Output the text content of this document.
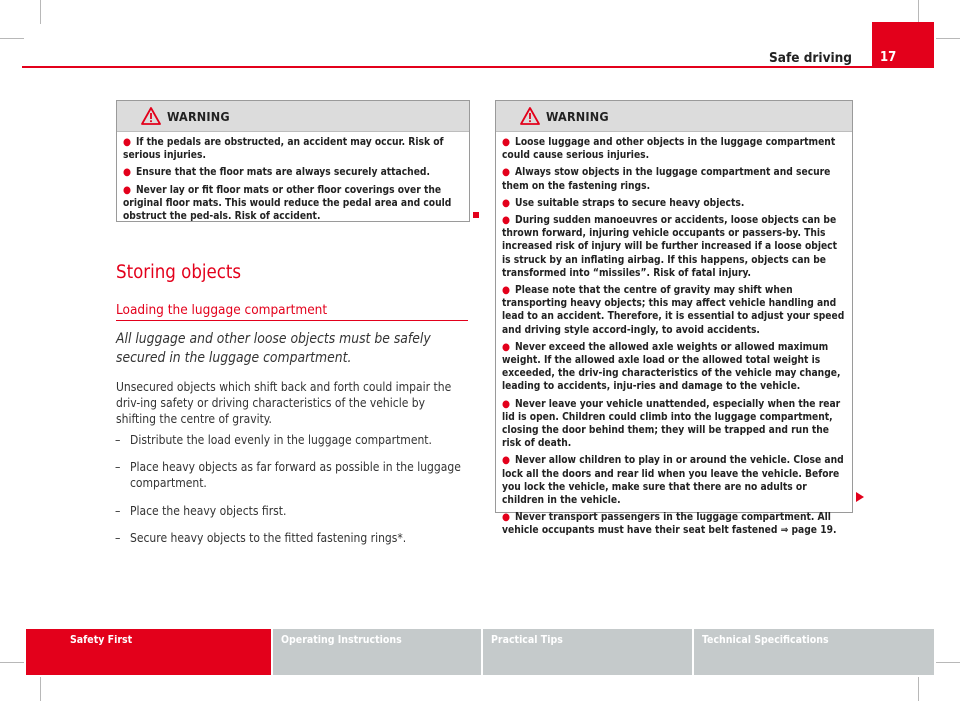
Safe driving 17
WARNING

● If the pedals are obstructed, an accident may occur. Risk of serious injuries.

● Ensure that the floor mats are always securely attached.

● Never lay or fit floor mats or other floor coverings over the original floor mats. This would reduce the pedal area and could obstruct the ped-als. Risk of accident.

Storing objects
Loading the luggage compartment
All luggage and other loose objects must be safely secured in the luggage compartment.
Unsecured objects which shift back and forth could impair the driv-ing safety or driving characteristics of the vehicle by shifting the centre of gravity.
– Distribute the load evenly in the luggage compartment.
– Place heavy objects as far forward as possible in the luggage compartment.
– Place the heavy objects first.
– Secure heavy objects to the fitted fastening rings*.
WARNING

● Loose luggage and other objects in the luggage compartment could cause serious injuries.

● Always stow objects in the luggage compartment and secure them on the fastening rings.

● Use suitable straps to secure heavy objects.

● During sudden manoeuvres or accidents, loose objects can be thrown forward, injuring vehicle occupants or passers-by. This increased risk of injury will be further increased if a loose object is struck by an inflating airbag. If this happens, objects can be transformed into “missiles”. Risk of fatal injury.

● Please note that the centre of gravity may shift when transporting heavy objects; this may affect vehicle handling and lead to an accident. Therefore, it is essential to adjust your speed and driving style accord-ingly, to avoid accidents.

● Never exceed the allowed axle weights or allowed maximum weight. If the allowed axle load or the allowed total weight is exceeded, the driv-ing characteristics of the vehicle may change, leading to accidents, inju-ries and damage to the vehicle.

● Never leave your vehicle unattended, especially when the rear lid is open. Children could climb into the luggage compartment, closing the door behind them; they will be trapped and run the risk of death.

● Never allow children to play in or around the vehicle. Close and lock all the doors and rear lid when you leave the vehicle. Before you lock the vehicle, make sure that there are no adults or children in the vehicle.

● Never transport passengers in the luggage compartment. All vehicle occupants must have their seat belt fastened ⇒ page 19.

Safety First	Operating Instructions	Practical Tips	Technical Specifications
